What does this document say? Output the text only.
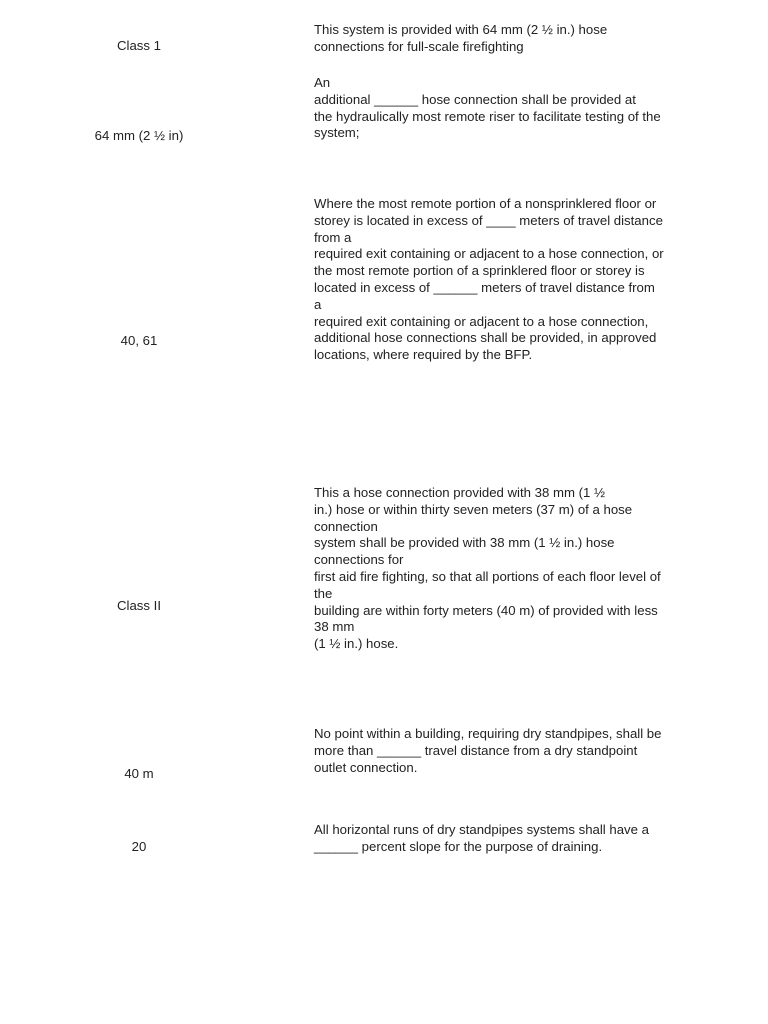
Class 1
This system is provided with 64 mm (2 ½ in.) hose
connections for full-scale firefighting
64 mm (2 ½ in)
An
additional ______ hose connection shall be provided at
the hydraulically most remote riser to facilitate testing of the
system;
40, 61
Where the most remote portion of a nonsprinklered floor or
storey is located in excess of ____ meters of travel distance
from a
required exit containing or adjacent to a hose connection, or
the most remote portion of a sprinklered floor or storey is
located in excess of ______ meters of travel distance from
a
required exit containing or adjacent to a hose connection,
additional hose connections shall be provided, in approved
locations, where required by the BFP.
Class II
This a hose connection provided with 38 mm (1 ½
in.) hose or within thirty seven meters (37 m) of a hose
connection
system shall be provided with 38 mm (1 ½ in.) hose
connections for
first aid fire fighting, so that all portions of each floor level of
the
building are within forty meters (40 m) of provided with less
38 mm
(1 ½ in.) hose.
40 m
No point within a building, requiring dry standpipes, shall be
more than ______ travel distance from a dry standpoint
outlet connection.
20
All horizontal runs of dry standpipes systems shall have a
______ percent slope for the purpose of draining.
